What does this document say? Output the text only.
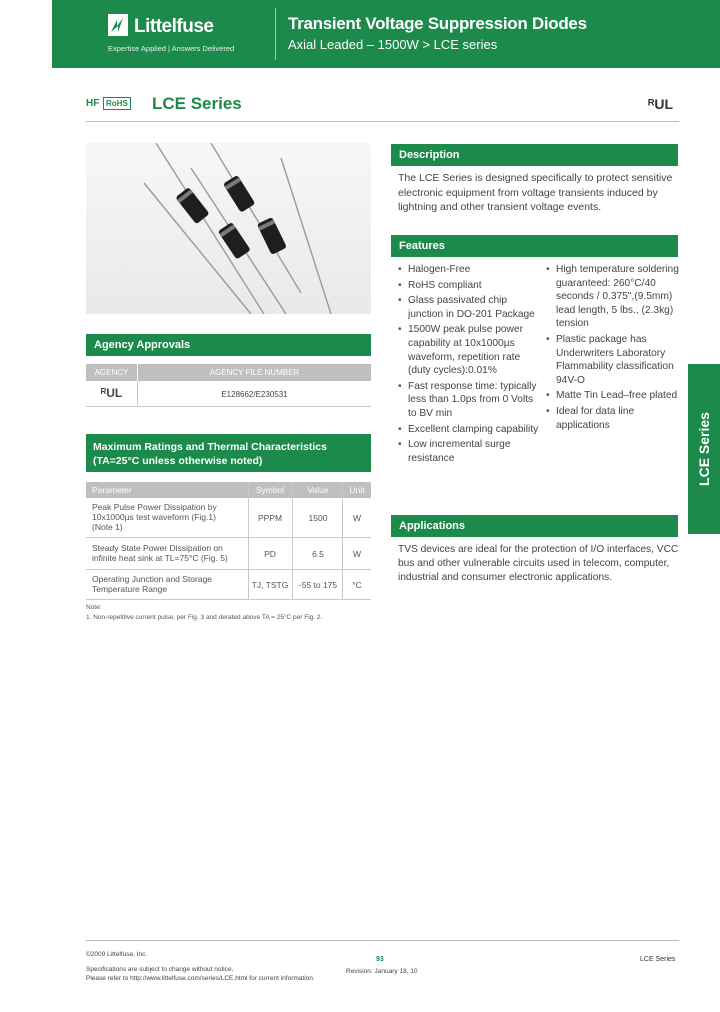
Littelfuse
Expertise Applied | Answers Delivered
Transient Voltage Suppression Diodes
Axial Leaded – 1500W > LCE series
HF RoHS LCE Series	ᴿUL
Agency Approvals
AGENCY	AGENCY FILE NUMBER
ᴿUL	E128662/E230531
Maximum Ratings and Thermal Characteristics
(TA=25°C unless otherwise noted)
Parameter	Symbol	Value	Unit
Peak Pulse Power Dissipation by
10x1000µs test waveform (Fig.1)
(Note 1)
PPPM	1500	W
Steady State Power Dissipation on
infinite heat sink at TL=75°C (Fig. 5)	PD	6.5	W
Operating Junction and Storage
Temperature Range	TJ, TSTG	-55 to 175	°C
Note:
1. Non-repetitive current pulse, per Fig. 3 and derated above TA = 25°C per Fig. 2.
Description
The LCE Series is designed specifically to protect sensitive electronic equipment from voltage transients induced by lightning and other transient voltage events.
Features
• Halogen-Free
• RoHS compliant
• Glass passivated chip junction in DO-201 Package
• 1500W peak pulse power capability at 10x1000µs waveform, repetition rate (duty cycles):0.01%
• Fast response time: typically less than 1.0ps from 0 Volts to BV min
• Excellent clamping capability
• Low incremental surge resistance
• High temperature soldering guaranteed: 260°C/40 seconds / 0.375",(9.5mm) lead length, 5 lbs., (2.3kg) tension
• Plastic package has Underwriters Laboratory Flammability classification 94V-O
• Matte Tin Lead–free plated
• Ideal for data line applications
Applications
TVS devices are ideal for the protection of I/O interfaces, VCC bus and other vulnerable circuits used in telecom, computer, industrial and consumer electronic applications.
LCE Series
©2009 Littelfuse, Inc.
Specifications are subject to change without notice.
Please refer to http://www.littelfuse.com/series/LCE.html for current information.
93
Revision: January 18, 10
LCE Series
